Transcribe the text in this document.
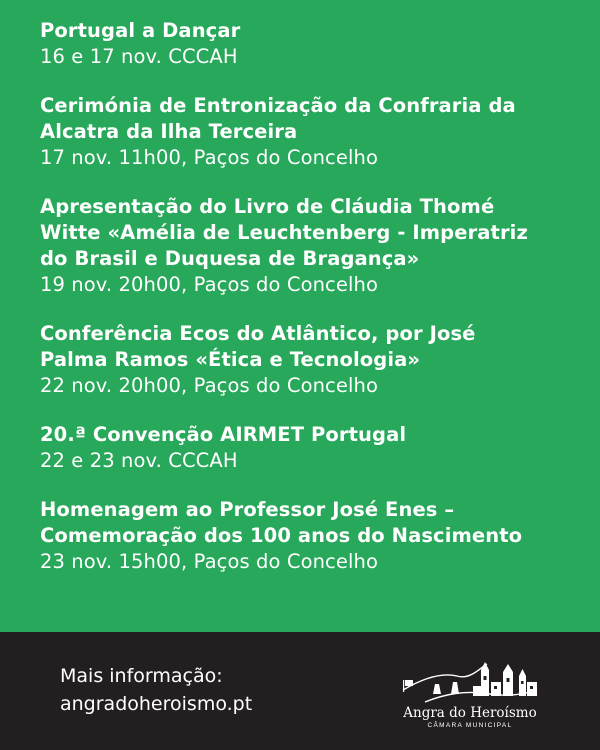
Portugal a Dançar
16 e 17 nov. CCCAH
Cerimónia de Entronização da Confraria da
Alcatra da Ilha Terceira
17 nov. 11h00, Paços do Concelho
Apresentação do Livro de Cláudia Thomé
Witte «Amélia de Leuchtenberg - Imperatriz
do Brasil e Duquesa de Bragança»
19 nov. 20h00, Paços do Concelho
Conferência Ecos do Atlântico, por José
Palma Ramos «Ética e Tecnologia»
22 nov. 20h00, Paços do Concelho
20.ª Convenção AIRMET Portugal
22 e 23 nov. CCCAH
Homenagem ao Professor José Enes –
Comemoração dos 100 anos do Nascimento
23 nov. 15h00, Paços do Concelho
Mais informação:
angradoheroismo.pt	Angra do Heroísmo
CÂMARA MUNICIPAL
